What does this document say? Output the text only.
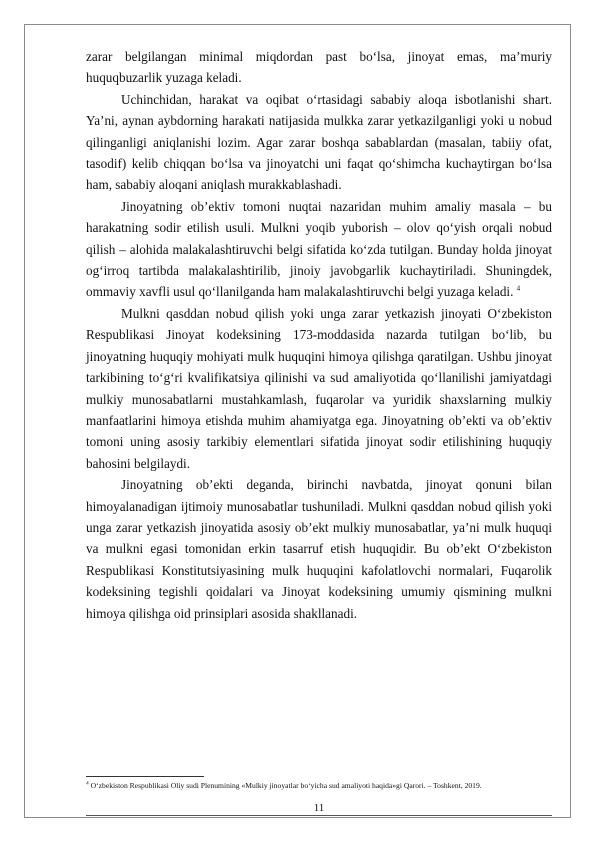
zarar belgilangan minimal miqdordan past bo‘lsa, jinoyat emas, ma’muriy huquqbuzarlik yuzaga keladi.

Uchinchidan, harakat va oqibat o‘rtasidagi sababiy aloqa isbotlanishi shart. Ya’ni, aynan aybdorning harakati natijasida mulkka zarar yetkazilganligi yoki u nobud qilinganligi aniqlanishi lozim. Agar zarar boshqa sabablardan (masalan, tabiiy ofat, tasodif) kelib chiqqan bo‘lsa va jinoyatchi uni faqat qo‘shimcha kuchaytirgan bo‘lsa ham, sababiy aloqani aniqlash murakkablashadi.

Jinoyatning ob’ektiv tomoni nuqtai nazaridan muhim amaliy masala – bu harakatning sodir etilish usuli. Mulkni yoqib yuborish – olov qo‘yish orqali nobud qilish – alohida malakalashtiruvchi belgi sifatida ko‘zda tutilgan. Bunday holda jinoyat og‘irroq tartibda malakalashtirilib, jinoiy javobgarlik kuchaytiriladi. Shuningdek, ommaviy xavfli usul qo‘llanilganda ham malakalashtiruvchi belgi yuzaga keladi. $^4$

Mulkni qasddan nobud qilish yoki unga zarar yetkazish jinoyati O‘zbekiston Respublikasi Jinoyat kodeksining 173-moddasida nazarda tutilgan bo‘lib, bu jinoyatning huquqiy mohiyati mulk huquqini himoya qilishga qaratilgan. Ushbu jinoyat tarkibining to‘g‘ri kvalifikatsiya qilinishi va sud amaliyotida qo‘llanilishi jamiyatdagi mulkiy munosabatlarni mustahkamlash, fuqarolar va yuridik shaxslarning mulkiy manfaatlarini himoya etishda muhim ahamiyatga ega. Jinoyatning ob’ekti va ob’ektiv tomoni uning asosiy tarkibiy elementlari sifatida jinoyat sodir etilishining huquqiy bahosini belgilaydi.

Jinoyatning ob’ekti deganda, birinchi navbatda, jinoyat qonuni bilan himoyalanadigan ijtimoiy munosabatlar tushuniladi. Mulkni qasddan nobud qilish yoki unga zarar yetkazish jinoyatida asosiy ob’ekt mulkiy munosabatlar, ya’ni mulk huquqi va mulkni egasi tomonidan erkin tasarruf etish huquqidir. Bu ob’ekt O‘zbekiston Respublikasi Konstitutsiyasining mulk huquqini kafolatlovchi normalari, Fuqarolik kodeksining tegishli qoidalari va Jinoyat kodeksining umumiy qismining mulkni himoya qilishga oid prinsiplari asosida shakllanadi.

$^4$ O‘zbekiston Respublikasi Oliy sudi Plenumining «Mulkiy jinoyatlar bo‘yicha sud amaliyoti haqida»gi Qarori. – Toshkent, 2019.
11
